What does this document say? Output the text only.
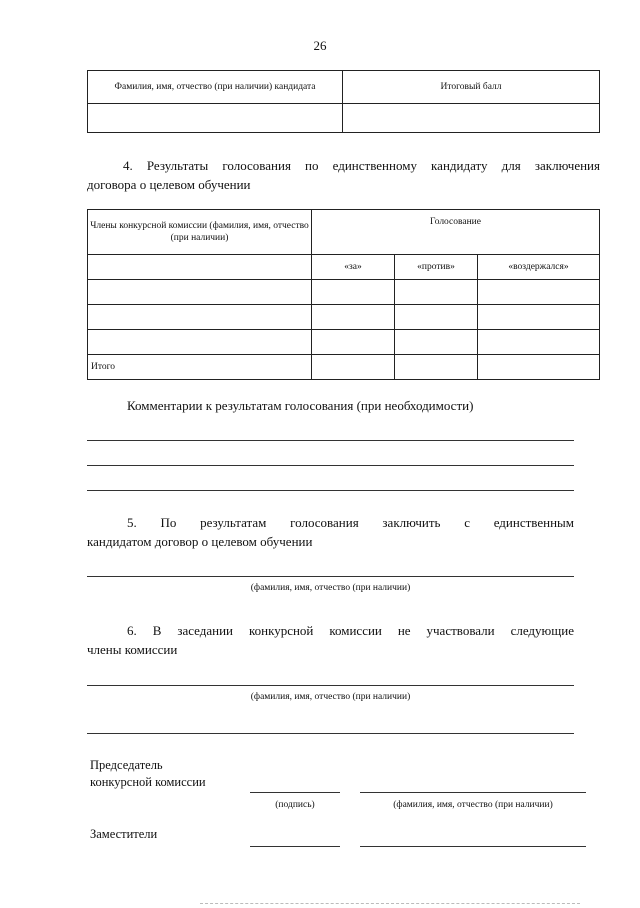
26
Фамилия, имя, отчество (при наличии) кандидата	Итоговый балл

4. Результаты голосования по единственному кандидату для заключения
договора о целевом обучении
Члены конкурсной комиссии (фамилия, имя, отчество (при наличии)	Голосование		
	«за»	«против»	«воздержался»

Итого			
Комментарии к результатам голосования (при необходимости)
5. По результатам голосования заключить с единственным
кандидатом договор о целевом обучении
(фамилия, имя, отчество (при наличии)
6. В заседании конкурсной комиссии не участвовали следующие
члены комиссии
(фамилия, имя, отчество (при наличии)
Председатель
конкурсной комиссии
(подпись)	(фамилия, имя, отчество (при наличии)
Заместители
